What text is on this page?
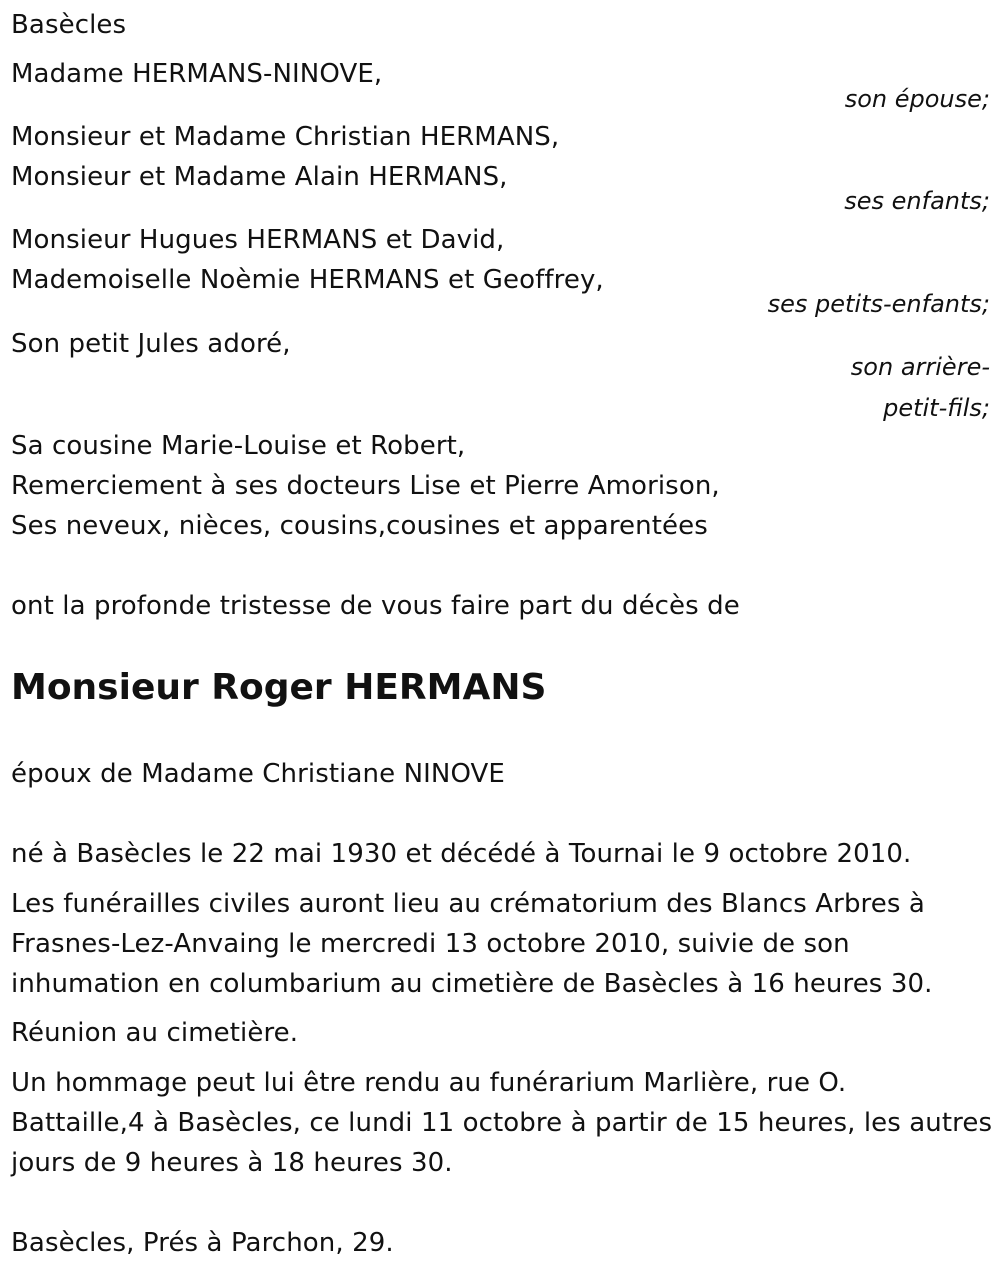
Basècles
Madame HERMANS-NINOVE,
son épouse;
Monsieur et Madame Christian HERMANS,
Monsieur et Madame Alain HERMANS,
ses enfants;
Monsieur Hugues HERMANS et David,
Mademoiselle Noèmie HERMANS et Geoffrey,
ses petits-enfants;
Son petit Jules adoré,
son arrière-
petit-fils;
Sa cousine Marie-Louise et Robert,
Remerciement à ses docteurs Lise et Pierre Amorison,
Ses neveux, nièces, cousins,cousines et apparentées
ont la profonde tristesse de vous faire part du décès de
Monsieur Roger HERMANS
époux de Madame Christiane NINOVE
né à Basècles le 22 mai 1930 et décédé à Tournai le 9 octobre 2010.
Les funérailles civiles auront lieu au crématorium des Blancs Arbres à
Frasnes-Lez-Anvaing le mercredi 13 octobre 2010, suivie de son
inhumation en columbarium au cimetière de Basècles à 16 heures 30.
Réunion au cimetière.
Un hommage peut lui être rendu au funérarium Marlière, rue O.
Battaille,4 à Basècles, ce lundi 11 octobre à partir de 15 heures, les autres
jours de 9 heures à 18 heures 30.
Basècles, Prés à Parchon, 29.
